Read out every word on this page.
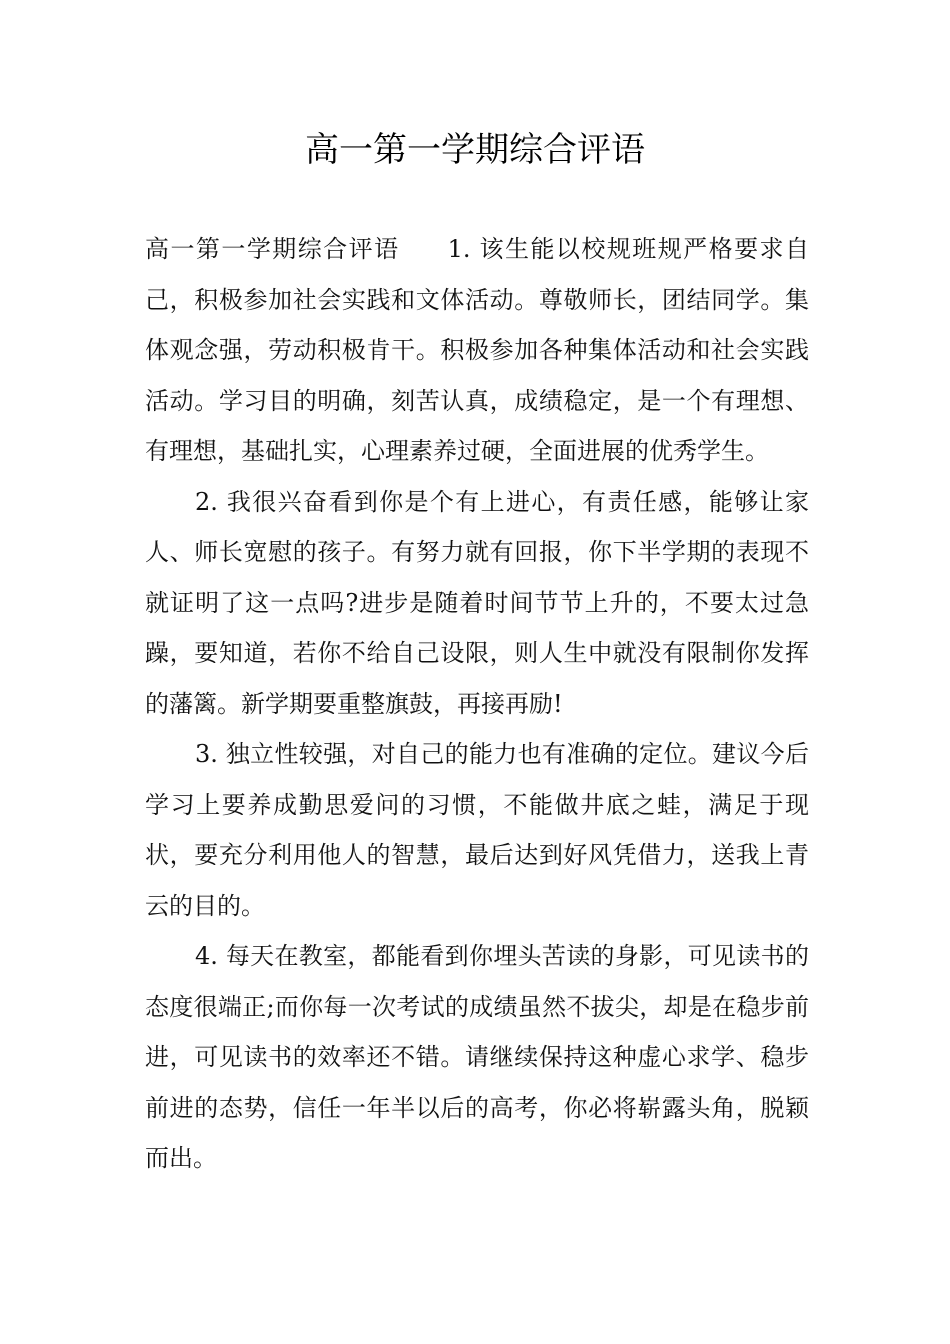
高一第一学期综合评语

高一第一学期综合评语 1. 该生能以校规班规严格要求自己，积极参加社会实践和文体活动。尊敬师长，团结同学。集体观念强，劳动积极肯干。积极参加各种集体活动和社会实践活动。学习目的明确，刻苦认真，成绩稳定，是一个有理想、有理想，基础扎实，心理素养过硬，全面进展的优秀学生。

2. 我很兴奋看到你是个有上进心，有责任感，能够让家人、师长宽慰的孩子。有努力就有回报，你下半学期的表现不就证明了这一点吗?进步是随着时间节节上升的，不要太过急躁，要知道，若你不给自己设限，则人生中就没有限制你发挥的藩篱。新学期要重整旗鼓，再接再励!

3. 独立性较强，对自己的能力也有准确的定位。建议今后学习上要养成勤思爱问的习惯，不能做井底之蛙，满足于现状，要充分利用他人的智慧，最后达到好风凭借力，送我上青云的目的。

4. 每天在教室，都能看到你埋头苦读的身影，可见读书的态度很端正;而你每一次考试的成绩虽然不拔尖，却是在稳步前进，可见读书的效率还不错。请继续保持这种虚心求学、稳步前进的态势，信任一年半以后的高考，你必将崭露头角，脱颖而出。
